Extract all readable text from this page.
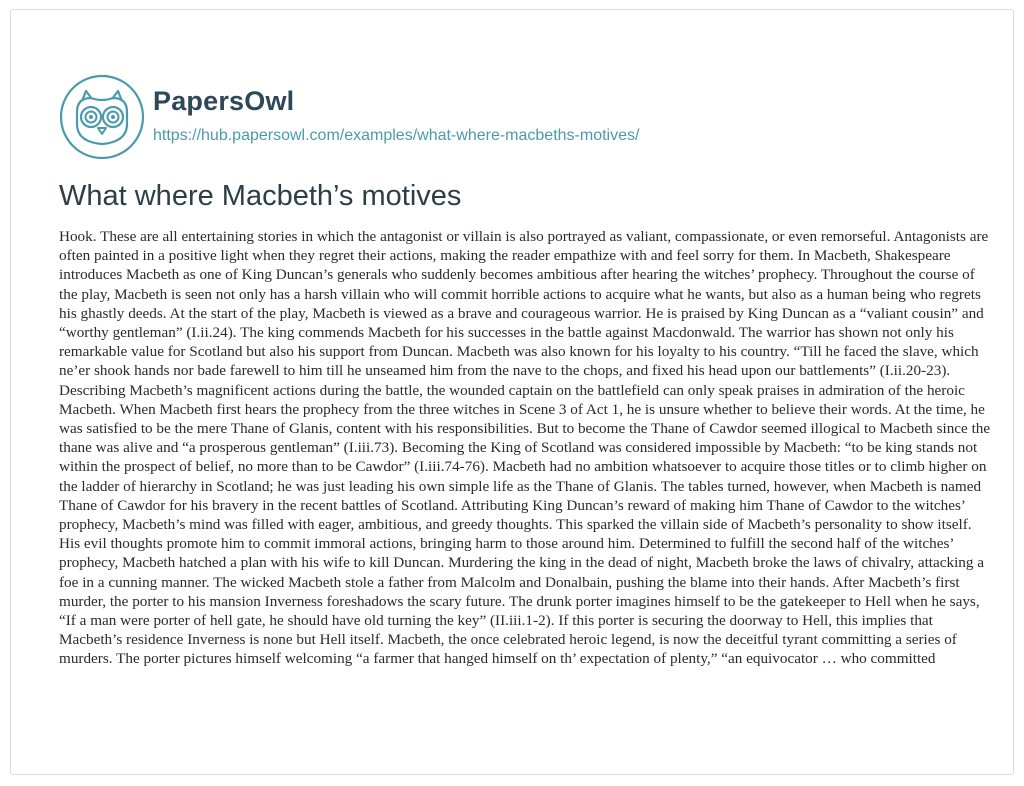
PapersOwl
https://hub.papersowl.com/examples/what-where-macbeths-motives/
What where Macbeth’s motives

Hook. These are all entertaining stories in which the antagonist or villain is also portrayed as valiant, compassionate, or even remorseful. Antagonists are often painted in a positive light when they regret their actions, making the reader empathize with and feel sorry for them. In Macbeth, Shakespeare introduces Macbeth as one of King Duncan’s generals who suddenly becomes ambitious after hearing the witches’ prophecy. Throughout the course of the play, Macbeth is seen not only has a harsh villain who will commit horrible actions to acquire what he wants, but also as a human being who regrets his ghastly deeds. At the start of the play, Macbeth is viewed as a brave and courageous warrior. He is praised by King Duncan as a “valiant cousin” and “worthy gentleman” (I.ii.24). The king commends Macbeth for his successes in the battle against Macdonwald. The warrior has shown not only his remarkable value for Scotland but also his support from Duncan. Macbeth was also known for his loyalty to his country. “Till he faced the slave, which ne’er shook hands nor bade farewell to him till he unseamed him from the nave to the chops, and fixed his head upon our battlements” (I.ii.20-23). Describing Macbeth’s magnificent actions during the battle, the wounded captain on the battlefield can only speak praises in admiration of the heroic Macbeth. When Macbeth first hears the prophecy from the three witches in Scene 3 of Act 1, he is unsure whether to believe their words. At the time, he was satisfied to be the mere Thane of Glanis, content with his responsibilities. But to become the Thane of Cawdor seemed illogical to Macbeth since the thane was alive and “a prosperous gentleman” (I.iii.73). Becoming the King of Scotland was considered impossible by Macbeth: “to be king stands not within the prospect of belief, no more than to be Cawdor” (I.iii.74-76). Macbeth had no ambition whatsoever to acquire those titles or to climb higher on the ladder of hierarchy in Scotland; he was just leading his own simple life as the Thane of Glanis. The tables turned, however, when Macbeth is named Thane of Cawdor for his bravery in the recent battles of Scotland. Attributing King Duncan’s reward of making him Thane of Cawdor to the witches’ prophecy, Macbeth’s mind was filled with eager, ambitious, and greedy thoughts. This sparked the villain side of Macbeth’s personality to show itself. His evil thoughts promote him to commit immoral actions, bringing harm to those around him. Determined to fulfill the second half of the witches’ prophecy, Macbeth hatched a plan with his wife to kill Duncan. Murdering the king in the dead of night, Macbeth broke the laws of chivalry, attacking a foe in a cunning manner. The wicked Macbeth stole a father from Malcolm and Donalbain, pushing the blame into their hands. After Macbeth’s first murder, the porter to his mansion Inverness foreshadows the scary future. The drunk porter imagines himself to be the gatekeeper to Hell when he says, “If a man were porter of hell gate, he should have old turning the key” (II.iii.1-2). If this porter is securing the doorway to Hell, this implies that Macbeth’s residence Inverness is none but Hell itself. Macbeth, the once celebrated heroic legend, is now the deceitful tyrant committing a series of murders. The porter pictures himself welcoming “a farmer that hanged himself on th’ expectation of plenty,” “an equivocator … who committed
